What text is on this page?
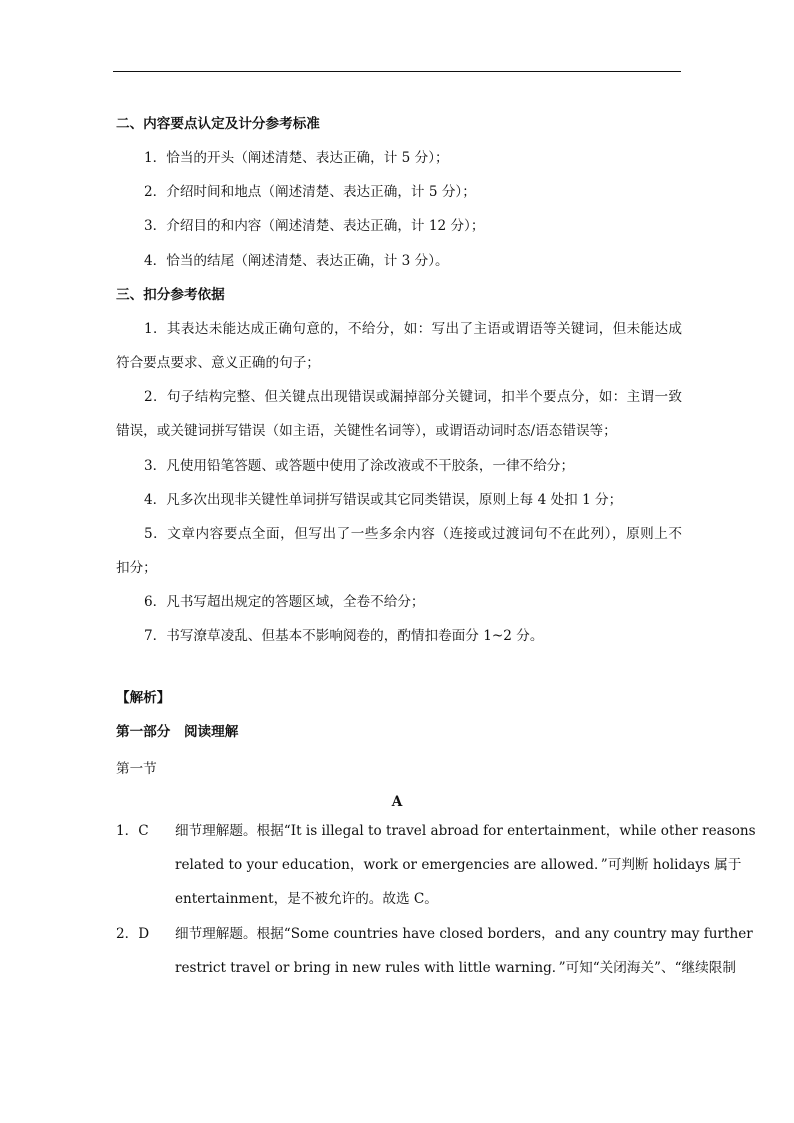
二、内容要点认定及计分参考标准
1．恰当的开头（阐述清楚、表达正确，计 5 分）；
2．介绍时间和地点（阐述清楚、表达正确，计 5 分）；
3．介绍目的和内容（阐述清楚、表达正确，计 12 分）；
4．恰当的结尾（阐述清楚、表达正确，计 3 分）。
三、扣分参考依据
1．其表达未能达成正确句意的，不给分，如：写出了主语或谓语等关键词，但未能达成
符合要点要求、意义正确的句子；
2．句子结构完整、但关键点出现错误或漏掉部分关键词，扣半个要点分，如：主谓一致
错误，或关键词拼写错误（如主语，关键性名词等），或谓语动词时态/语态错误等；
3．凡使用铅笔答题、或答题中使用了涂改液或不干胶条，一律不给分；
4．凡多次出现非关键性单词拼写错误或其它同类错误，原则上每 4 处扣 1 分；
5．文章内容要点全面，但写出了一些多余内容（连接或过渡词句不在此列），原则上不
扣分；
6．凡书写超出规定的答题区域，全卷不给分；
7．书写潦草凌乱、但基本不影响阅卷的，酌情扣卷面分 1~2 分。
【解析】
第一部分　阅读理解
第一节
A
1．C 细节理解题。根据“It is illegal to travel abroad for entertainment，while other reasons
related to your education，work or emergencies are allowed．”可判断 holidays 属于
entertainment，是不被允许的。故选 C。
2．D 细节理解题。根据“Some countries have closed borders，and any country may further
restrict travel or bring in new rules with little warning．”可知“关闭海关”、“继续限制
